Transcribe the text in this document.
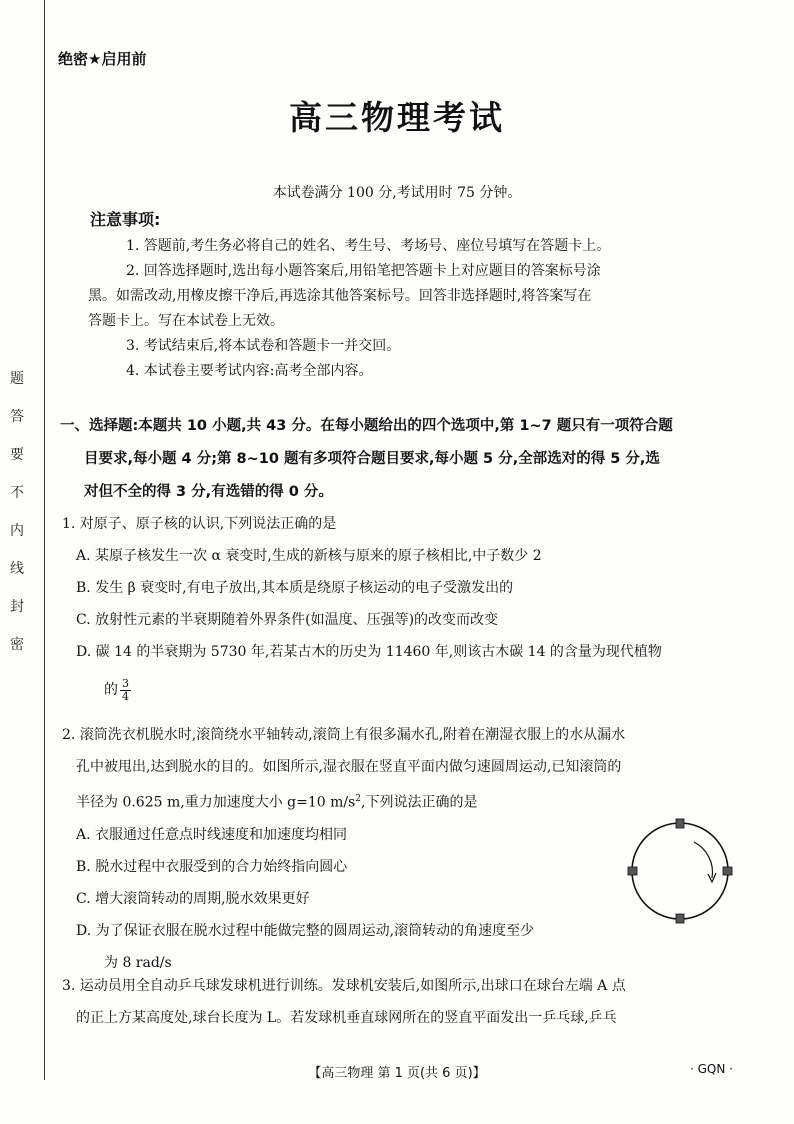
题
答
要
不
内
线
封
密
绝密★启用前
高三物理考试
本试卷满分 100 分,考试用时 75 分钟。
注意事项:

1. 答题前,考生务必将自己的姓名、考生号、考场号、座位号填写在答题卡上。

2. 回答选择题时,选出每小题答案后,用铅笔把答题卡上对应题目的答案标号涂

黑。如需改动,用橡皮擦干净后,再选涂其他答案标号。回答非选择题时,将答案写在

答题卡上。写在本试卷上无效。

3. 考试结束后,将本试卷和答题卡一并交回。

4. 本试卷主要考试内容:高考全部内容。

一、选择题:本题共 10 小题,共 43 分。在每小题给出的四个选项中,第 1~7 题只有一项符合题

目要求,每小题 4 分;第 8~10 题有多项符合题目要求,每小题 5 分,全部选对的得 5 分,选

对但不全的得 3 分,有选错的得 0 分。

1. 对原子、原子核的认识,下列说法正确的是

A. 某原子核发生一次 α 衰变时,生成的新核与原来的原子核相比,中子数少 2

B. 发生 β 衰变时,有电子放出,其本质是绕原子核运动的电子受激发出的

C. 放射性元素的半衰期随着外界条件(如温度、压强等)的改变而改变

D. 碳 14 的半衰期为 5730 年,若某古木的历史为 11460 年,则该古木碳 14 的含量为现代植物

的 $\frac{3}{4}$

2. 滚筒洗衣机脱水时,滚筒绕水平轴转动,滚筒上有很多漏水孔,附着在潮湿衣服上的水从漏水

孔中被甩出,达到脱水的目的。如图所示,湿衣服在竖直平面内做匀速圆周运动,已知滚筒的

半径为 0.625 m,重力加速度大小 g=10 $m/s^2$,下列说法正确的是

A. 衣服通过任意点时线速度和加速度均相同

B. 脱水过程中衣服受到的合力始终指向圆心

C. 增大滚筒转动的周期,脱水效果更好

D. 为了保证衣服在脱水过程中能做完整的圆周运动,滚筒转动的角速度至少

为 8 rad/s

3. 运动员用全自动乒乓球发球机进行训练。发球机安装后,如图所示,出球口在球台左端 A 点

的正上方某高度处,球台长度为 L。若发球机垂直球网所在的竖直平面发出一乒乓球,乒乓

【高三物理 第 1 页(共 6 页)】	· GQN ·
